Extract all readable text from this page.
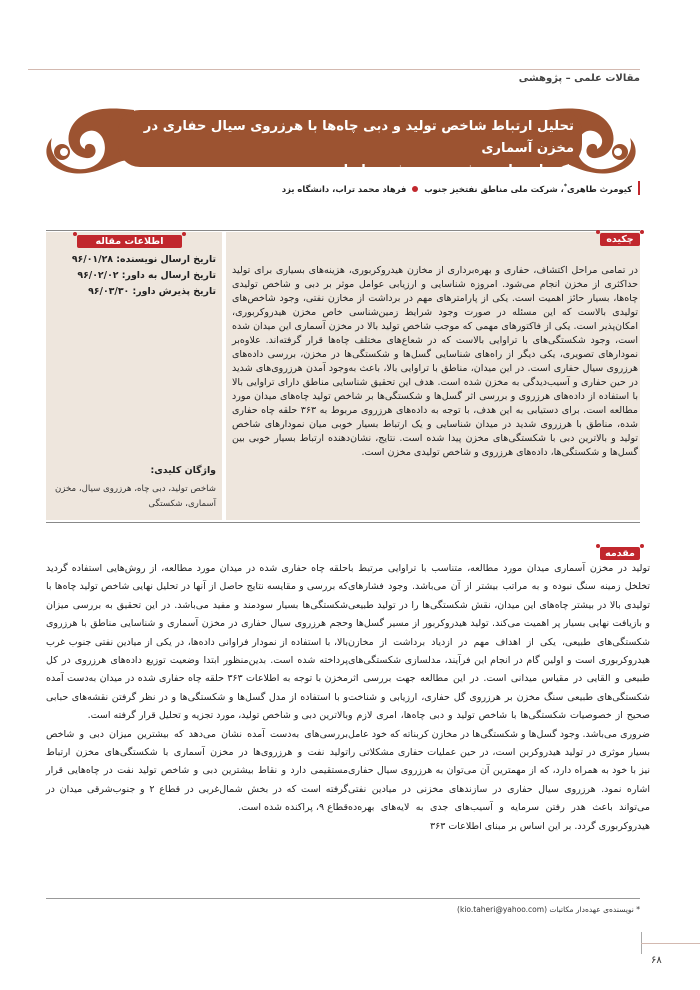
مقالات علمی – پژوهشی
تحلیل ارتباط شاخص تولید و دبی چاه‌ها با هرزروی سیال حفاری در مخزن آسماری
یکی از میادین نفتی جنوب‌غربی ایران
کیومرث طاهری*، شرکت ملی مناطق نفتخیز جنوب  فرهاد محمد تراب، دانشگاه یزد
اطلاعات مقاله	چکیده
تاریخ ارسال نویسنده: ۹۶/۰۱/۲۸
تاریخ ارسال به داور: ۹۶/۰۲/۰۲
تاریخ پذیرش داور: ۹۶/۰۳/۳۰
واژگان کلیدی:
شاخص تولید، دبی چاه، هرزروی سیال، مخزن آسماری، شکستگی
در تمامی مراحل اکتشاف، حفاری و بهره‌برداری از مخازن هیدروکربوری، هزینه‌های بسیاری برای تولید حداکثری از مخزن انجام می‌شود. امروزه شناسایی و ارزیابی عوامل موثر بر دبی و شاخص تولیدی چاه‌ها، بسیار حائز اهمیت است. یکی از پارامترهای مهم در برداشت از مخازن نفتی، وجود شاخص‌های تولیدی بالاست که این مسئله در صورت وجود شرایط زمین‌شناسی خاص مخزن هیدروکربوری، امکان‌پذیر است. یکی از فاکتورهای مهمی که موجب شاخص تولید بالا در مخزن آسماری این میدان شده است، وجود شکستگی‌های با تراوایی بالاست که در شعاع‌های مختلف چاه‌ها قرار گرفته‌اند. علاوه‌بر نمودارهای تصویری، یکی دیگر از راه‌های شناسایی گسل‌ها و شکستگی‌ها در مخزن، بررسی داده‌های هرزروی سیال حفاری است. در این میدان، مناطق با تراوایی بالا، باعث به‌وجود آمدن هرزروی‌های شدید در حین حفاری و آسیب‌دیدگی به مخزن شده است. هدف این تحقیق شناسایی مناطق دارای تراوایی بالا با استفاده از داده‌های هرزروی و بررسی اثر گسل‌ها و شکستگی‌ها بر شاخص تولید چاه‌های میدان مورد مطالعه است. برای دستیابی به این هدف، با توجه به داده‌های هرزروی مربوط به ۳۶۳ حلقه چاه حفاری شده، مناطق با هرزروی شدید در میدان شناسایی و یک ارتباط بسیار خوبی میان نمودارهای شاخص تولید و بالاترین دبی با شکستگی‌های مخزن پیدا شده است. نتایج، نشان‌دهنده ارتباط بسیار خوبی بین گسل‌ها و شکستگی‌ها، داده‌های هرزروی و شاخص تولیدی مخزن است.
مقدمه

تولید در مخزن آسماری میدان مورد مطالعه، متناسب با تراوایی مرتبط با تخلخل زمینه سنگ نبوده و به مراتب بیشتر از آن می‌باشد. وجود فشارهای تولیدی بالا در بیشتر چاه‌های این میدان، نقش شکستگی‌ها را در تولید طبیعی و بازیافت نهایی بسیار پر اهمیت می‌کند. تولید هیدروکربور از مسیر گسل‌ها و شکستگی‌های طبیعی، یکی از اهداف مهم در ازدیاد برداشت از مخازن هیدروکربوری است و اولین گام در انجام این فرآیند، مدلسازی شکستگی‌های طبیعی و القایی در مقیاس میدانی است. در این مطالعه جهت بررسی اثر شکستگی‌های طبیعی سنگ مخزن بر هرزروی گل حفاری، ارزیابی و شناخت صحیح از خصوصیات شکستگی‌ها با شاخص تولید و دبی چاه‌ها، امری لازم و ضروری می‌باشد. وجود گسل‌ها و شکستگی‌ها در مخازن کربناته که خود عامل بسیار موثری در تولید هیدروکربن است، در حین عملیات حفاری مشکلاتی را نیز با خود به همراه دارد، که از مهمترین آن می‌توان به هرزروی سیال حفاری اشاره نمود. هرزروی سیال حفاری در سازندهای مخزنی در میادین نفتی می‌تواند باعث هدر رفتن سرمایه و آسیب‌های جدی به لایه‌های بهره‌ده هیدروکربوری گردد. بر این اساس بر مبنای اطلاعات ۳۶۳

حلقه چاه حفاری شده در میدان مورد مطالعه، از روش‌هایی استفاده گردید که بررسی و مقایسه نتایج حاصل از آنها در تحلیل نهایی شاخص تولید چاه‌ها با شکستگی‌ها بسیار سودمند و مفید می‌باشد. در این تحقیق به بررسی میزان حجم هرزروی سیال حفاری در مخزن آسماری و شناسایی مناطق با هرزروی بالا، با استفاده از نمودار فراوانی داده‌ها، در یکی از میادین نفتی جنوب غرب پرداخته شده است. بدین‌منظور ابتدا وضعیت توزیع داده‌های هرزروی در کل مخزن با توجه به اطلاعات ۳۶۳ حلقه چاه حفاری شده در میدان به‌دست آمده و با استفاده از مدل گسل‌ها و شکستگی‌ها و در نظر گرفتن نقشه‌های حبابی بالاترین دبی و شاخص تولید، مورد تجزیه و تحلیل قرار گرفته است.

بررسی‌های به‌دست آمده نشان می‌دهد که بیشترین میزان دبی و شاخص تولید نفت و هرزروی‌ها در مخزن آسماری با شکستگی‌های مخزن ارتباط مستقیمی دارد و نقاط بیشترین دبی و شاخص تولید نفت در چاه‌هایی قرار گرفته است که در بخش شمال‌غربی در قطاع ۲ و جنوب‌شرقی میدان در قطاع ۹، پراکنده شده است.

* نویسنده‌ی عهده‌دار مکاتبات (kio.taheri@yahoo.com)
۶۸
